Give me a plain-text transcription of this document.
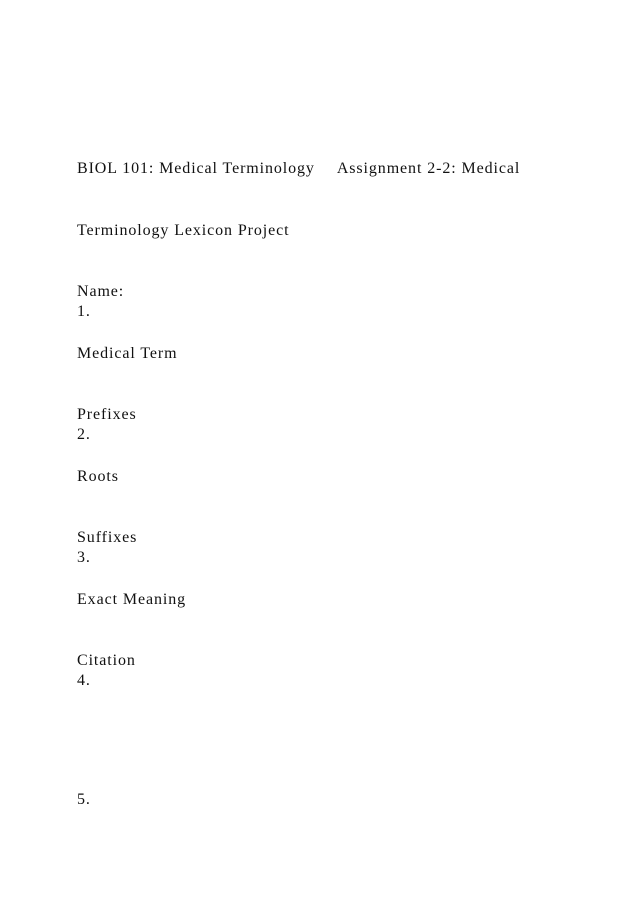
BIOL 101: Medical Terminology Assignment 2-2: Medical

Terminology Lexicon Project

Name:

Medical Term

Prefixes

Roots

Suffixes

Exact Meaning

Citation

1.
2.
3.
4.
5.
